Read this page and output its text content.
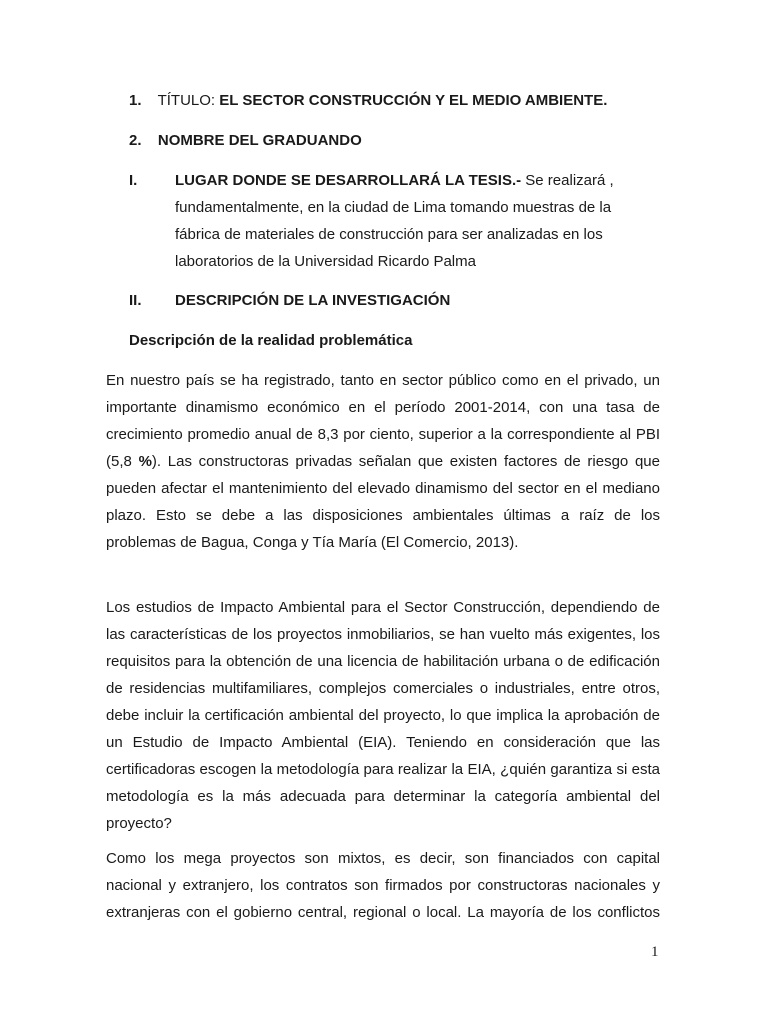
1. TÍTULO: EL SECTOR CONSTRUCCIÓN Y EL MEDIO AMBIENTE.
2. NOMBRE DEL GRADUANDO
I.	LUGAR DONDE SE DESARROLLARÁ LA TESIS.- Se realizará ,
fundamentalmente, en la ciudad de Lima tomando muestras de la
fábrica de materiales de construcción para ser analizadas en los
laboratorios de la Universidad Ricardo Palma
II. DESCRIPCIÓN DE LA INVESTIGACIÓN
Descripción de la realidad problemática
En nuestro país se ha registrado, tanto en sector público como en el privado, un
importante dinamismo económico en el período 2001-2014, con una tasa de
crecimiento promedio anual de 8,3 por ciento, superior a la correspondiente al PBI
(5,8 %). Las constructoras privadas señalan que existen factores de riesgo que
pueden afectar el mantenimiento del elevado dinamismo del sector en el mediano
plazo. Esto se debe a las disposiciones ambientales últimas a raíz de los
problemas de Bagua, Conga y Tía María (El Comercio, 2013).
Los estudios de Impacto Ambiental para el Sector Construcción, dependiendo de
las características de los proyectos inmobiliarios, se han vuelto más exigentes, los
requisitos para la obtención de una licencia de habilitación urbana o de edificación
de residencias multifamiliares, complejos comerciales o industriales, entre otros,
debe incluir la certificación ambiental del proyecto, lo que implica la aprobación de
un Estudio de Impacto Ambiental (EIA). Teniendo en consideración que las
certificadoras escogen la metodología para realizar la EIA, ¿quién garantiza si esta
metodología es la más adecuada para determinar la categoría ambiental del
proyecto?
Como los mega proyectos son mixtos, es decir, son financiados con capital
nacional y extranjero, los contratos son firmados por constructoras nacionales y
extranjeras con el gobierno central, regional o local. La mayoría de los conflictos
1
